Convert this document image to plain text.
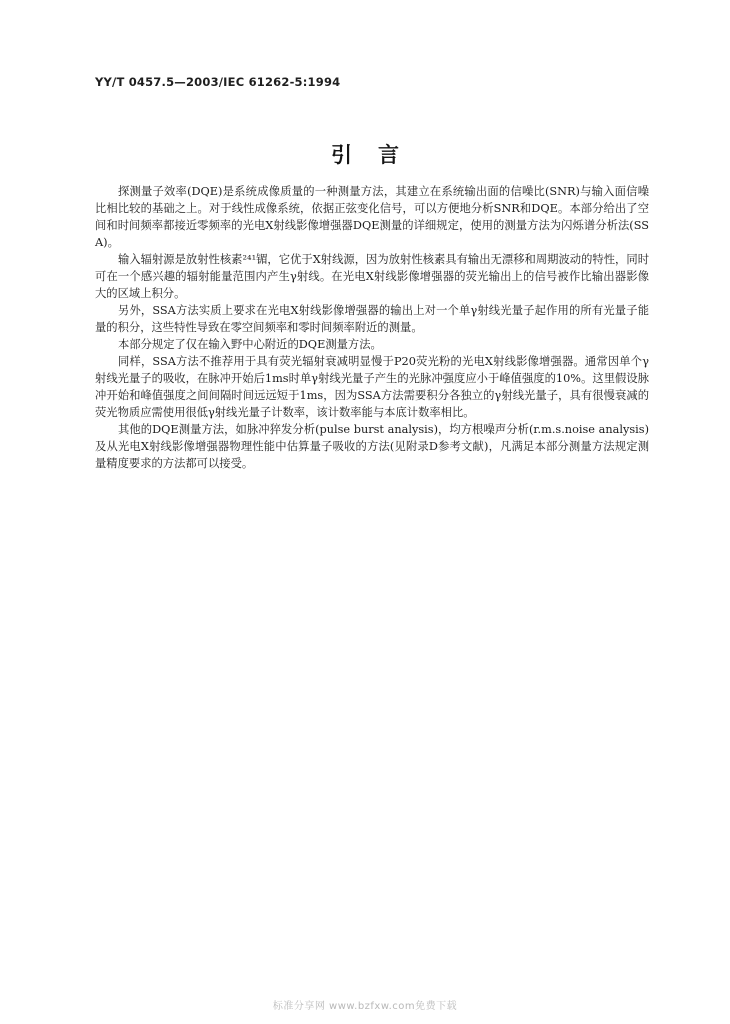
YY/T 0457.5—2003/IEC 61262-5:1994
引言

探测量子效率(DQE)是系统成像质量的一种测量方法，其建立在系统输出面的信噪比(SNR)与输入面信噪比相比较的基础之上。对于线性成像系统，依据正弦变化信号，可以方便地分析SNR和DQE。本部分给出了空间和时间频率都接近零频率的光电X射线影像增强器DQE测量的详细规定，使用的测量方法为闪烁谱分析法(SSA)。

输入辐射源是放射性核素²⁴¹镅，它优于X射线源，因为放射性核素具有输出无漂移和周期波动的特性，同时可在一个感兴趣的辐射能量范围内产生γ射线。在光电X射线影像增强器的荧光输出上的信号被作比输出器影像大的区域上积分。

另外，SSA方法实质上要求在光电X射线影像增强器的输出上对一个单γ射线光量子起作用的所有光量子能量的积分，这些特性导致在零空间频率和零时间频率附近的测量。

本部分规定了仅在输入野中心附近的DQE测量方法。

同样，SSA方法不推荐用于具有荧光辐射衰减明显慢于P20荧光粉的光电X射线影像增强器。通常因单个γ射线光量子的吸收，在脉冲开始后1ms时单γ射线光量子产生的光脉冲强度应小于峰值强度的10%。这里假设脉冲开始和峰值强度之间间隔时间远远短于1ms，因为SSA方法需要积分各独立的γ射线光量子，具有很慢衰减的荧光物质应需使用很低γ射线光量子计数率，该计数率能与本底计数率相比。

其他的DQE测量方法，如脉冲猝发分析(pulse burst analysis)，均方根噪声分析(r.m.s.noise analysis)及从光电X射线影像增强器物理性能中估算量子吸收的方法(见附录D参考文献)，凡满足本部分测量方法规定测量精度要求的方法都可以接受。

标准分享网 www.bzfxw.com免费下载
